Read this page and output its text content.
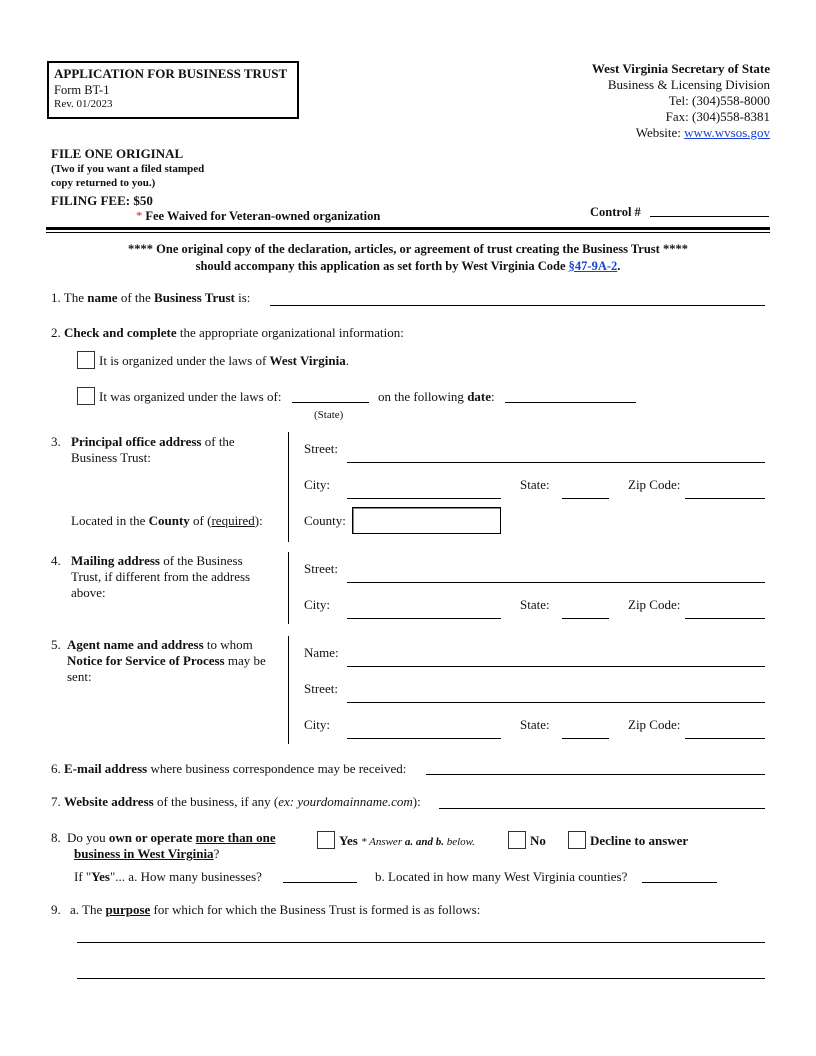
APPLICATION FOR BUSINESS TRUST
Form BT-1
Rev. 01/2023
West Virginia Secretary of State
Business & Licensing Division
Tel: (304)558-8000
Fax: (304)558-8381
Website: www.wvsos.gov
FILE ONE ORIGINAL
(Two if you want a filed stamped
copy returned to you.)
FILING FEE: $50
* Fee Waived for Veteran-owned organization	Control #
**** One original copy of the declaration, articles, or agreement of trust creating the Business Trust ****
should accompany this application as set forth by West Virginia Code §47-9A-2.
1. The name of the Business Trust is:
2. Check and complete the appropriate organizational information:
It is organized under the laws of West Virginia.
It was organized under the laws of:	on the following date:
(State)
3. Principal office address of the
Business Trust:
Located in the County of (required):
Street:
City:	State:	Zip Code:
County:
4. Mailing address of the Business
Trust, if different from the address
above:
Street:
City:	State:	Zip Code:
5. Agent name and address to whom
Notice for Service of Process may be
sent:
Name:
Street:
City:	State:	Zip Code:
6. E-mail address where business correspondence may be received:
7. Website address of the business, if any (ex: yourdomainname.com):
8. Do you own or operate more than one
business in West Virginia?
Yes * Answer a. and b. below.	No	Decline to answer
If "Yes"... a. How many businesses?	b. Located in how many West Virginia counties?
9. a. The purpose for which for which the Business Trust is formed is as follows:
